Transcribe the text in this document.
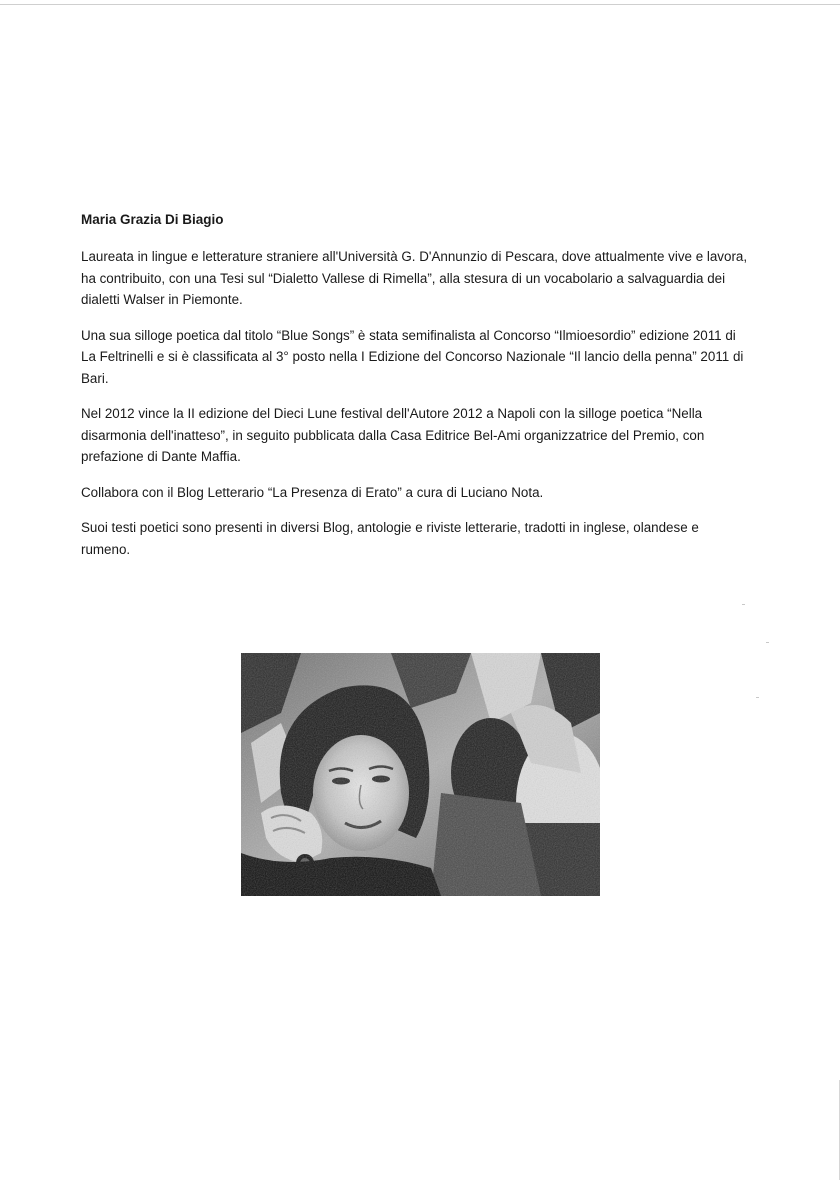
Maria Grazia Di Biagio

Laureata in lingue e letterature straniere all'Università G. D'Annunzio di Pescara, dove attualmente vive e lavora, ha contribuito, con una Tesi sul “Dialetto Vallese di Rimella”, alla stesura di un vocabolario a salvaguardia dei dialetti Walser in Piemonte.

Una sua silloge poetica dal titolo “Blue Songs” è stata semifinalista al Concorso “Ilmioesordio” edizione 2011 di La Feltrinelli e si è classificata al 3° posto nella I Edizione del Concorso Nazionale “Il lancio della penna” 2011 di Bari.

Nel 2012 vince la II edizione del Dieci Lune festival dell'Autore 2012 a Napoli con la silloge poetica “Nella disarmonia dell'inatteso”, in seguito pubblicata dalla Casa Editrice Bel-Ami organizzatrice del Premio, con prefazione di Dante Maffia.

Collabora con il Blog Letterario “La Presenza di Erato” a cura di Luciano Nota.

Suoi testi poetici sono presenti in diversi Blog, antologie e riviste letterarie, tradotti in inglese, olandese e rumeno.
